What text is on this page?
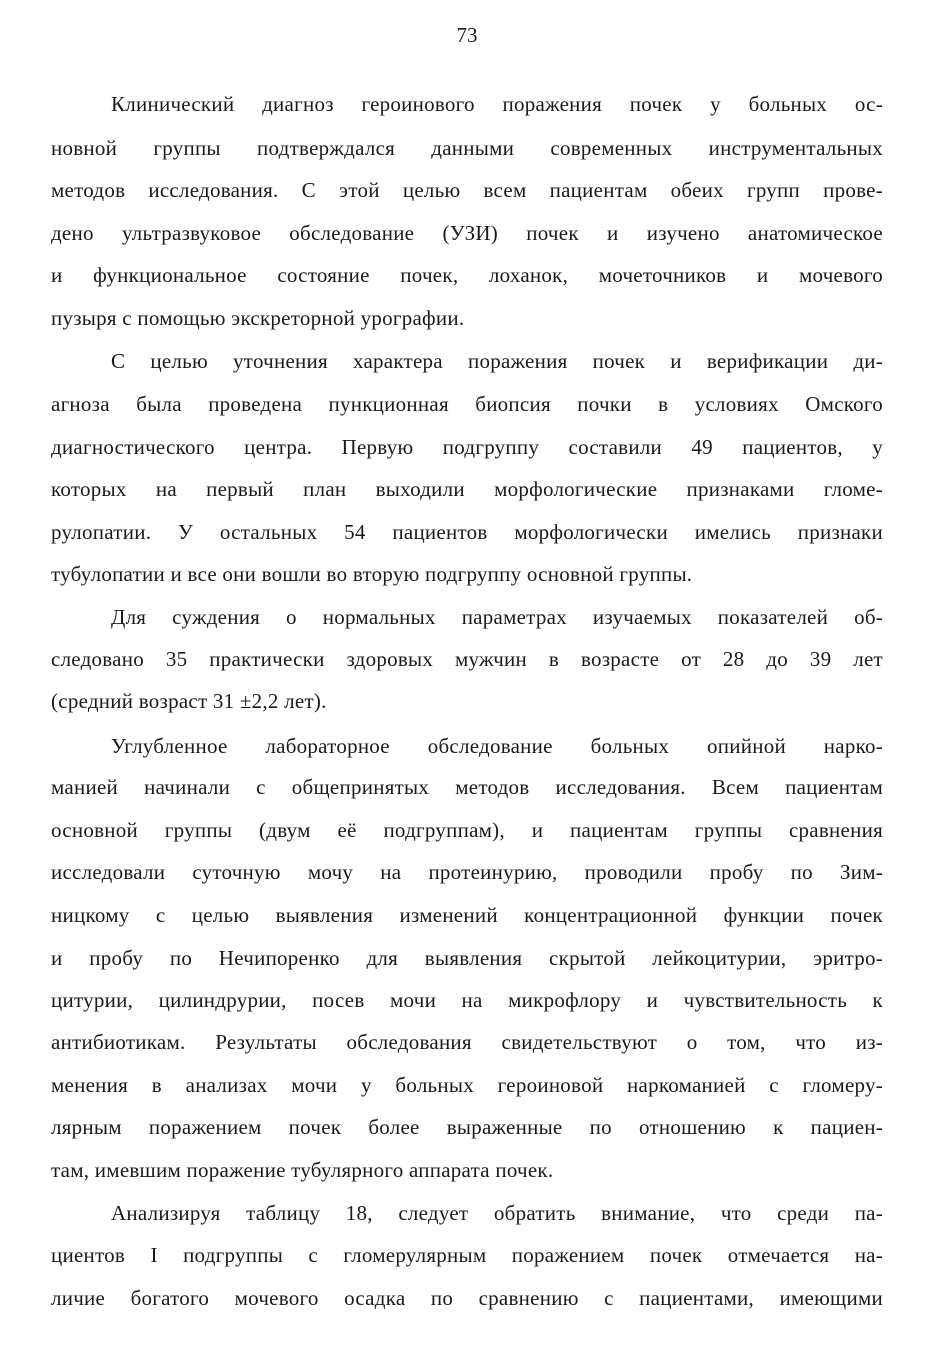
73
Клинический диагноз героинового поражения почек у больных ос-
новной группы подтверждался данными современных инструментальных
методов исследования. С этой целью всем пациентам обеих групп прове-
дено ультразвуковое обследование (УЗИ) почек и изучено анатомическое
и функциональное состояние почек, лоханок, мочеточников и мочевого
пузыря с помощью экскреторной урографии.
С целью уточнения характера поражения почек и верификации ди-
агноза была проведена пункционная биопсия почки в условиях Омского
диагностического центра. Первую подгруппу составили 49 пациентов, у
которых на первый план выходили морфологические признаками гломе-
рулопатии. У остальных 54 пациентов морфологически имелись признаки
тубулопатии и все они вошли во вторую подгруппу основной группы.
Для суждения о нормальных параметрах изучаемых показателей об-
следовано 35 практически здоровых мужчин в возрасте от 28 до 39 лет
(средний возраст 31 ±2,2 лет).
Углубленное лабораторное обследование больных опийной нарко-
манией начинали с общепринятых методов исследования. Всем пациентам
основной группы (двум её подгруппам), и пациентам группы сравнения
исследовали суточную мочу на протеинурию, проводили пробу по Зим-
ницкому с целью выявления изменений концентрационной функции почек
и пробу по Нечипоренко для выявления скрытой лейкоцитурии, эритро-
цитурии, цилиндрурии, посев мочи на микрофлору и чувствительность к
антибиотикам. Результаты обследования свидетельствуют о том, что из-
менения в анализах мочи у больных героиновой наркоманией с гломеру-
лярным поражением почек более выраженные по отношению к пациен-
там, имевшим поражение тубулярного аппарата почек.
Анализируя таблицу 18, следует обратить внимание, что среди па-
циентов I подгруппы с гломерулярным поражением почек отмечается на-
личие богатого мочевого осадка по сравнению с пациентами, имеющими
